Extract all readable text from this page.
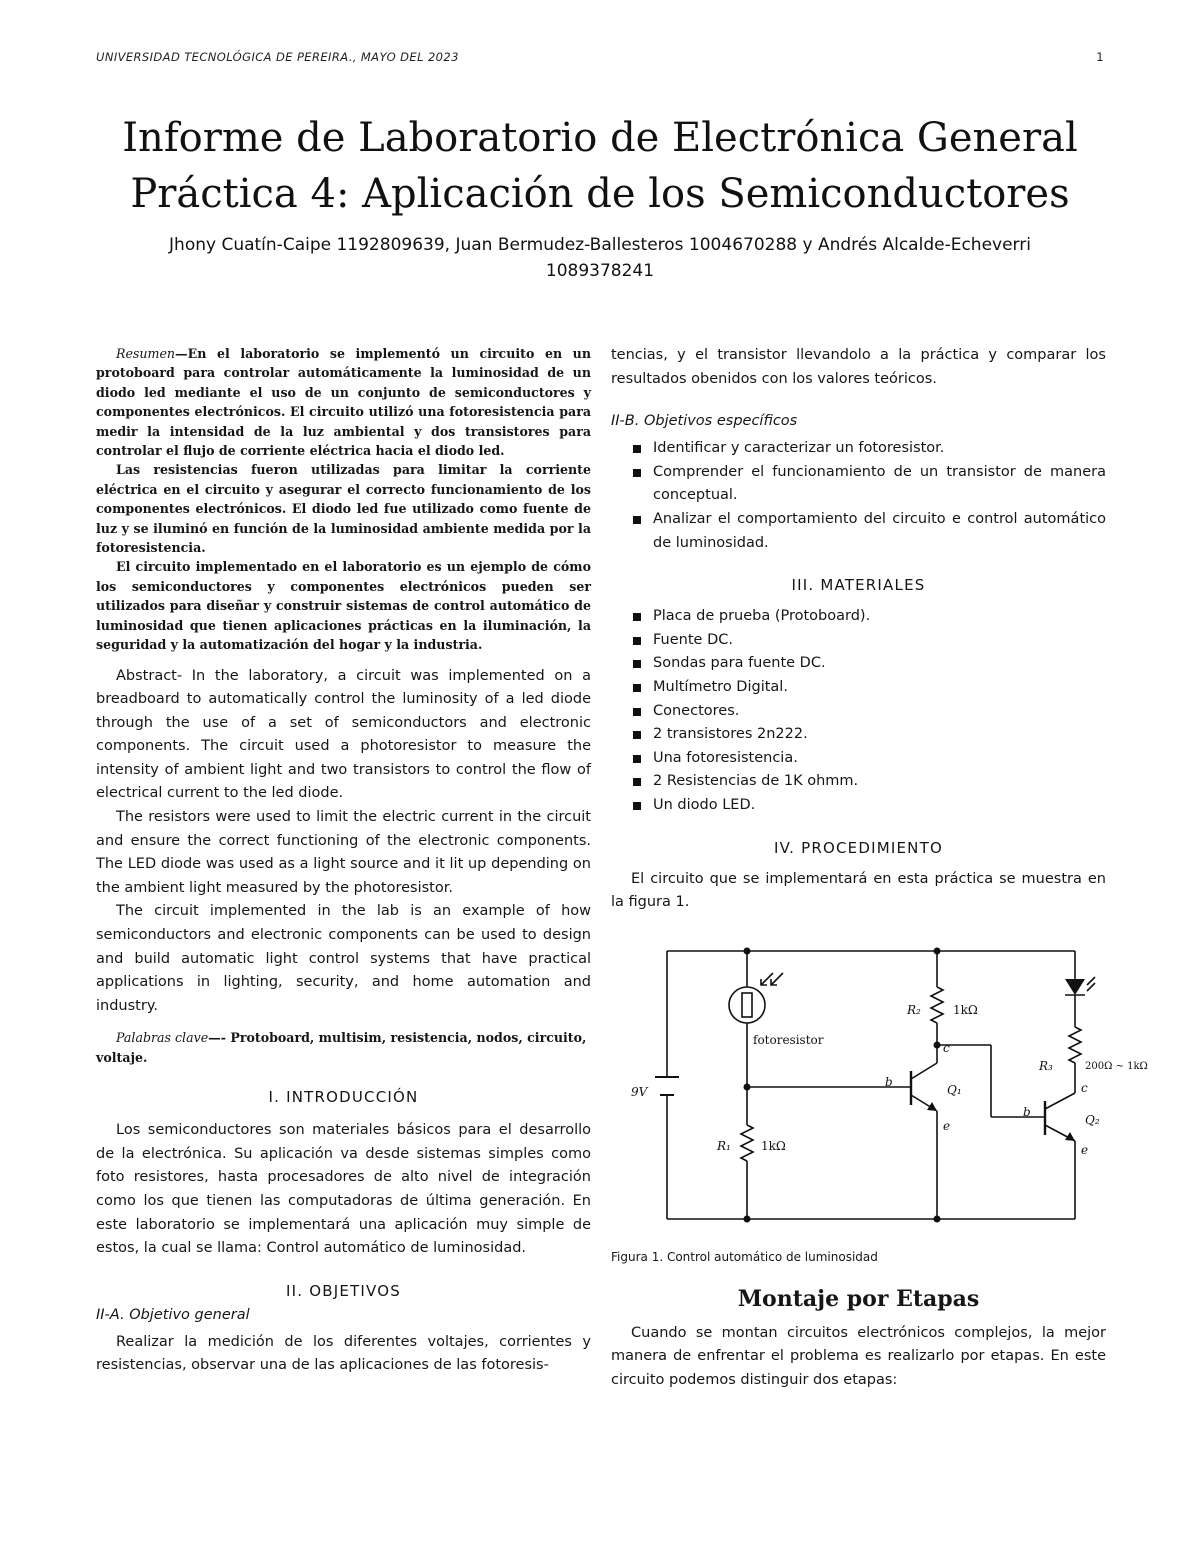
UNIVERSIDAD TECNOLÓGICA DE PEREIRA., MAYO DEL 2023	1
Informe de Laboratorio de Electrónica General
Práctica 4: Aplicación de los Semiconductores
Jhony Cuatín-Caipe 1192809639, Juan Bermudez-Ballesteros 1004670288 y Andrés Alcalde-Echeverri
1089378241

Resumen—En el laboratorio se implementó un circuito en un protoboard para controlar automáticamente la luminosidad de un diodo led mediante el uso de un conjunto de semiconductores y componentes electrónicos. El circuito utilizó una fotoresistencia para medir la intensidad de la luz ambiental y dos transistores para controlar el flujo de corriente eléctrica hacia el diodo led.

Las resistencias fueron utilizadas para limitar la corriente eléctrica en el circuito y asegurar el correcto funcionamiento de los componentes electrónicos. El diodo led fue utilizado como fuente de luz y se iluminó en función de la luminosidad ambiente medida por la fotoresistencia.

El circuito implementado en el laboratorio es un ejemplo de cómo los semiconductores y componentes electrónicos pueden ser utilizados para diseñar y construir sistemas de control automático de luminosidad que tienen aplicaciones prácticas en la iluminación, la seguridad y la automatización del hogar y la industria.

Abstract- In the laboratory, a circuit was implemented on a breadboard to automatically control the luminosity of a led diode through the use of a set of semiconductors and electronic components. The circuit used a photoresistor to measure the intensity of ambient light and two transistors to control the flow of electrical current to the led diode.

The resistors were used to limit the electric current in the circuit and ensure the correct functioning of the electronic components. The LED diode was used as a light source and it lit up depending on the ambient light measured by the photoresistor.

The circuit implemented in the lab is an example of how semiconductors and electronic components can be used to design and build automatic light control systems that have practical applications in lighting, security, and home automation and industry.

Palabras clave—- Protoboard, multisim, resistencia, nodos, circuito, voltaje.

I. INTRODUCCIÓN

Los semiconductores son materiales básicos para el desarrollo de la electrónica. Su aplicación va desde sistemas simples como foto resistores, hasta procesadores de alto nivel de integración como los que tienen las computadoras de última generación. En este laboratorio se implementará una aplicación muy simple de estos, la cual se llama: Control automático de luminosidad.

II. OBJETIVOS

II-A. Objetivo general

Realizar la medición de los diferentes voltajes, corrientes y resistencias, observar una de las aplicaciones de las fotoresis-

tencias, y el transistor llevandolo a la práctica y comparar los resultados obenidos con los valores teóricos.

II-B. Objetivos específicos

Identificar y caracterizar un fotoresistor.
Comprender el funcionamiento de un transistor de manera conceptual.
Analizar el comportamiento del circuito e control automático de luminosidad.

III. MATERIALES

Placa de prueba (Protoboard).
Fuente DC.
Sondas para fuente DC.
Multímetro Digital.
Conectores.
2 transistores 2n222.
Una fotoresistencia.
2 Resistencias de 1K ohmm.
Un diodo LED.

IV. PROCEDIMIENTO

El circuito que se implementará en esta práctica se muestra en la figura 1.

fotoresistor
9V
R₁	1kΩ
R₂	1kΩ
R₃	200Ω ∼ 1kΩ
Q₁
Q₂
b
c
e
b
c
e
Figura 1. Control automático de luminosidad

Montaje por Etapas

Cuando se montan circuitos electrónicos complejos, la mejor manera de enfrentar el problema es realizarlo por etapas. En este circuito podemos distinguir dos etapas:
